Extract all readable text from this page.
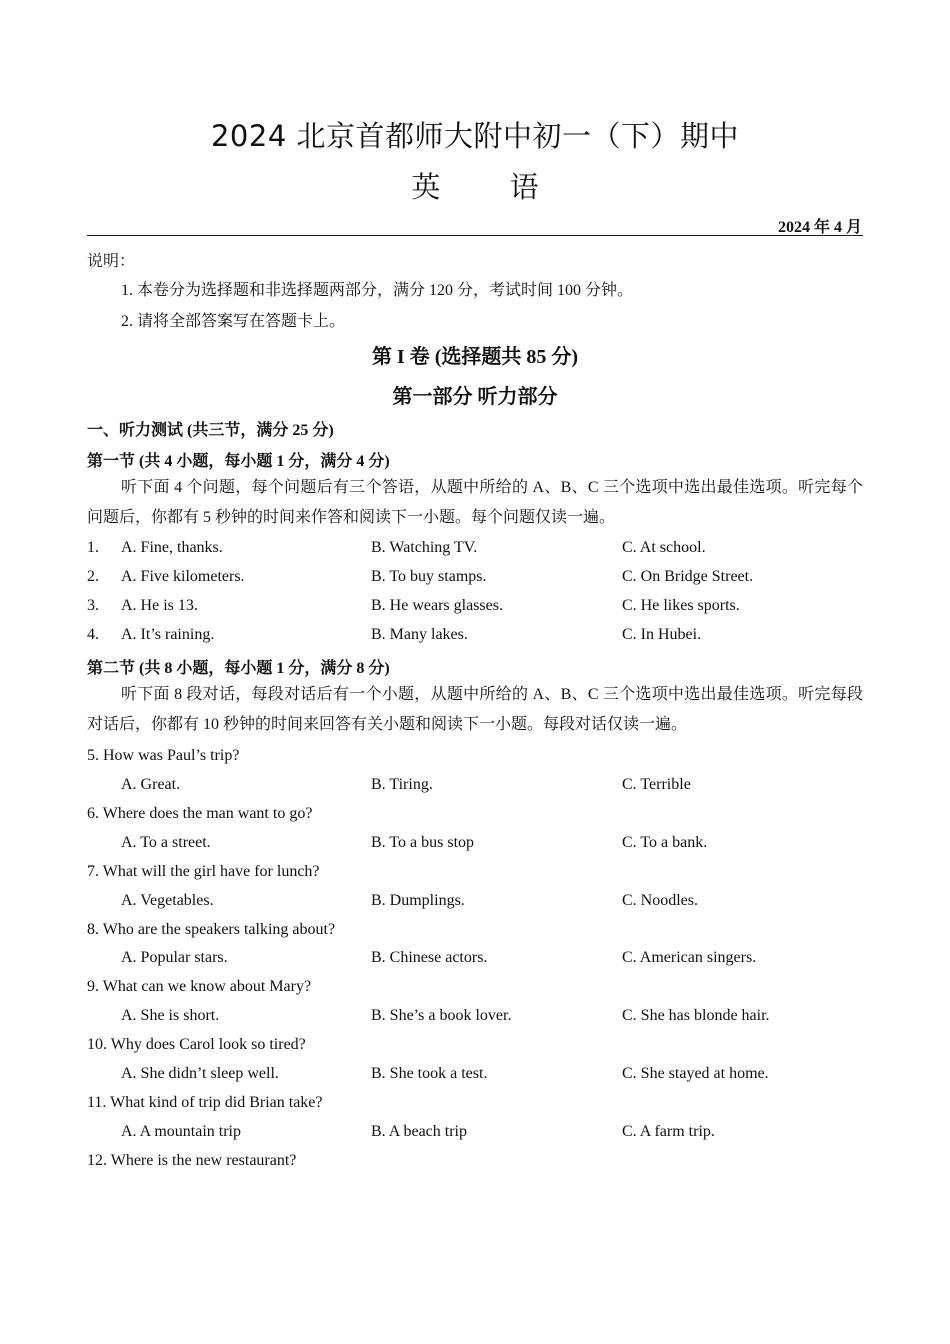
2024 北京首都师大附中初一（下）期中
英 语
2024 年 4 月
说明：
1. 本卷分为选择题和非选择题两部分，满分 120 分，考试时间 100 分钟。
2. 请将全部答案写在答题卡上。
第 I 卷 (选择题共 85 分)
第一部分 听力部分
一、听力测试 (共三节，满分 25 分)
第一节 (共 4 小题，每小题 1 分，满分 4 分)
听下面 4 个问题，每个问题后有三个答语，从题中所给的 A、B、C 三个选项中选出最佳选项。听完每个问题后，你都有 5 秒钟的时间来作答和阅读下一小题。每个问题仅读一遍。
1. A. Fine, thanks.	B. Watching TV.	C. At school.
2. A. Five kilometers.	B. To buy stamps.	C. On Bridge Street.
3. A. He is 13.	B. He wears glasses.	C. He likes sports.
4. A. It’s raining.	B. Many lakes.	C. In Hubei.
第二节 (共 8 小题，每小题 1 分，满分 8 分)
听下面 8 段对话，每段对话后有一个小题，从题中所给的 A、B、C 三个选项中选出最佳选项。听完每段对话后，你都有 10 秒钟的时间来回答有关小题和阅读下一小题。每段对话仅读一遍。
5. How was Paul’s trip?
A. Great.	B. Tiring.	C. Terrible
6. Where does the man want to go?
A. To a street.	B. To a bus stop	C. To a bank.
7. What will the girl have for lunch?
A. Vegetables.	B. Dumplings.	C. Noodles.
8. Who are the speakers talking about?
A. Popular stars.	B. Chinese actors.	C. American singers.
9. What can we know about Mary?
A. She is short.	B. She’s a book lover.	C. She has blonde hair.
10. Why does Carol look so tired?
A. She didn’t sleep well.	B. She took a test.	C. She stayed at home.
11. What kind of trip did Brian take?
A. A mountain trip	B. A beach trip	C. A farm trip.
12. Where is the new restaurant?
